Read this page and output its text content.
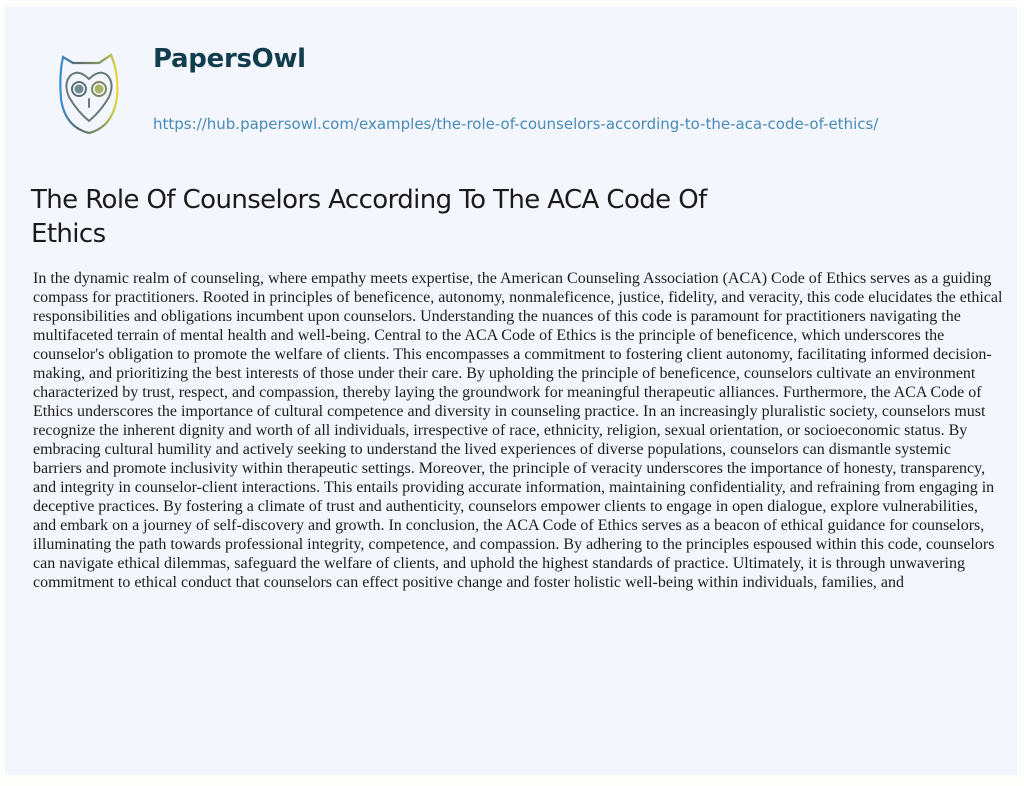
PapersOwl
https://hub.papersowl.com/examples/the-role-of-counselors-according-to-the-aca-code-of-ethics/
The Role Of Counselors According To The ACA Code Of Ethics

In the dynamic realm of counseling, where empathy meets expertise, the American Counseling Association (ACA) Code of Ethics serves as a guiding compass for practitioners. Rooted in principles of beneficence, autonomy, nonmaleficence, justice, fidelity, and veracity, this code elucidates the ethical responsibilities and obligations incumbent upon counselors. Understanding the nuances of this code is paramount for practitioners navigating the multifaceted terrain of mental health and well-being. Central to the ACA Code of Ethics is the principle of beneficence, which underscores the counselor's obligation to promote the welfare of clients. This encompasses a commitment to fostering client autonomy, facilitating informed decision-making, and prioritizing the best interests of those under their care. By upholding the principle of beneficence, counselors cultivate an environment characterized by trust, respect, and compassion, thereby laying the groundwork for meaningful therapeutic alliances. Furthermore, the ACA Code of Ethics underscores the importance of cultural competence and diversity in counseling practice. In an increasingly pluralistic society, counselors must recognize the inherent dignity and worth of all individuals, irrespective of race, ethnicity, religion, sexual orientation, or socioeconomic status. By embracing cultural humility and actively seeking to understand the lived experiences of diverse populations, counselors can dismantle systemic barriers and promote inclusivity within therapeutic settings. Moreover, the principle of veracity underscores the importance of honesty, transparency, and integrity in counselor-client interactions. This entails providing accurate information, maintaining confidentiality, and refraining from engaging in deceptive practices. By fostering a climate of trust and authenticity, counselors empower clients to engage in open dialogue, explore vulnerabilities, and embark on a journey of self-discovery and growth. In conclusion, the ACA Code of Ethics serves as a beacon of ethical guidance for counselors, illuminating the path towards professional integrity, competence, and compassion. By adhering to the principles espoused within this code, counselors can navigate ethical dilemmas, safeguard the welfare of clients, and uphold the highest standards of practice. Ultimately, it is through unwavering commitment to ethical conduct that counselors can effect positive change and foster holistic well-being within individuals, families, and
